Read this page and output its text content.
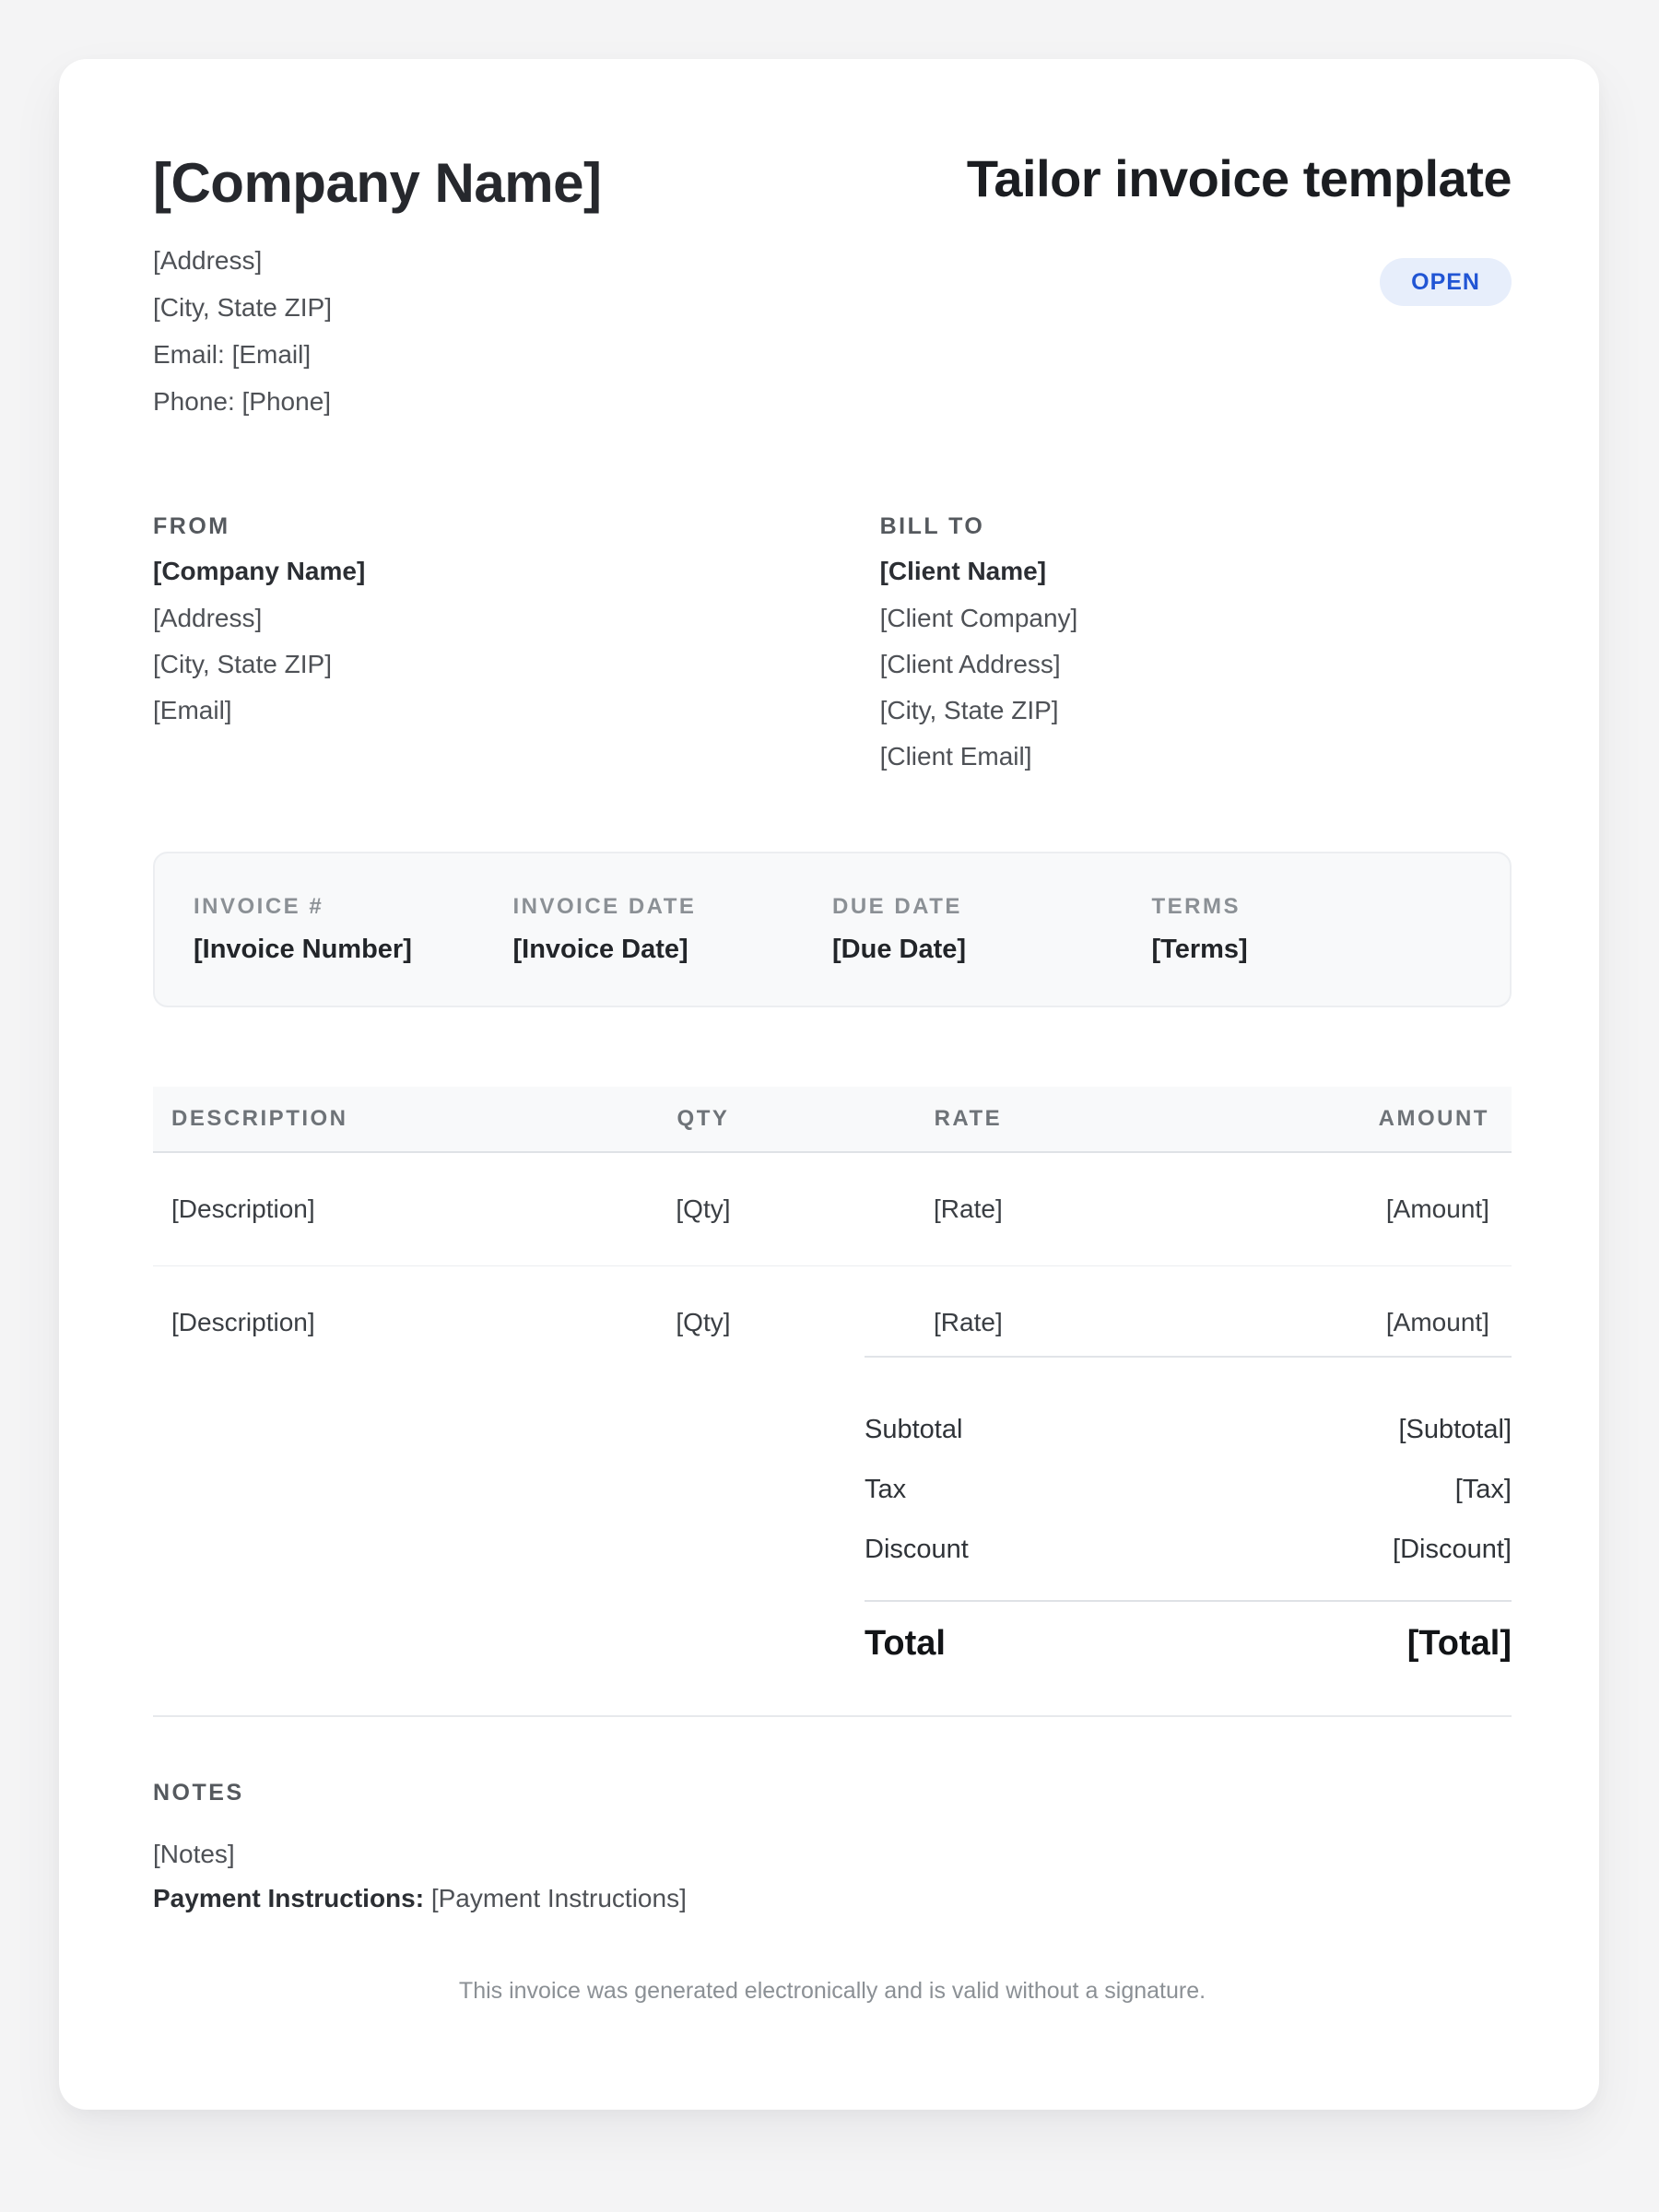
[Company Name]

[Address]

[City, State ZIP]

Email: [Email]

Phone: [Phone]

Tailor invoice template

OPEN
FROM
[Company Name]

[Address]

[City, State ZIP]

[Email]

BILL TO
[Client Name]

[Client Company]

[Client Address]

[City, State ZIP]

[Client Email]

INVOICE #
[Invoice Number]
INVOICE DATE
[Invoice Date]
DUE DATE
[Due Date]
TERMS
[Terms]
DESCRIPTION	QTY	RATE	AMOUNT
[Description]	[Qty]	[Rate]	[Amount]
[Description]	[Qty]	[Rate]	[Amount]
Subtotal	[Subtotal]
Tax	[Tax]
Discount	[Discount]
Total	[Total]
NOTES

[Notes]

Payment Instructions: [Payment Instructions]

This invoice was generated electronically and is valid without a signature.
